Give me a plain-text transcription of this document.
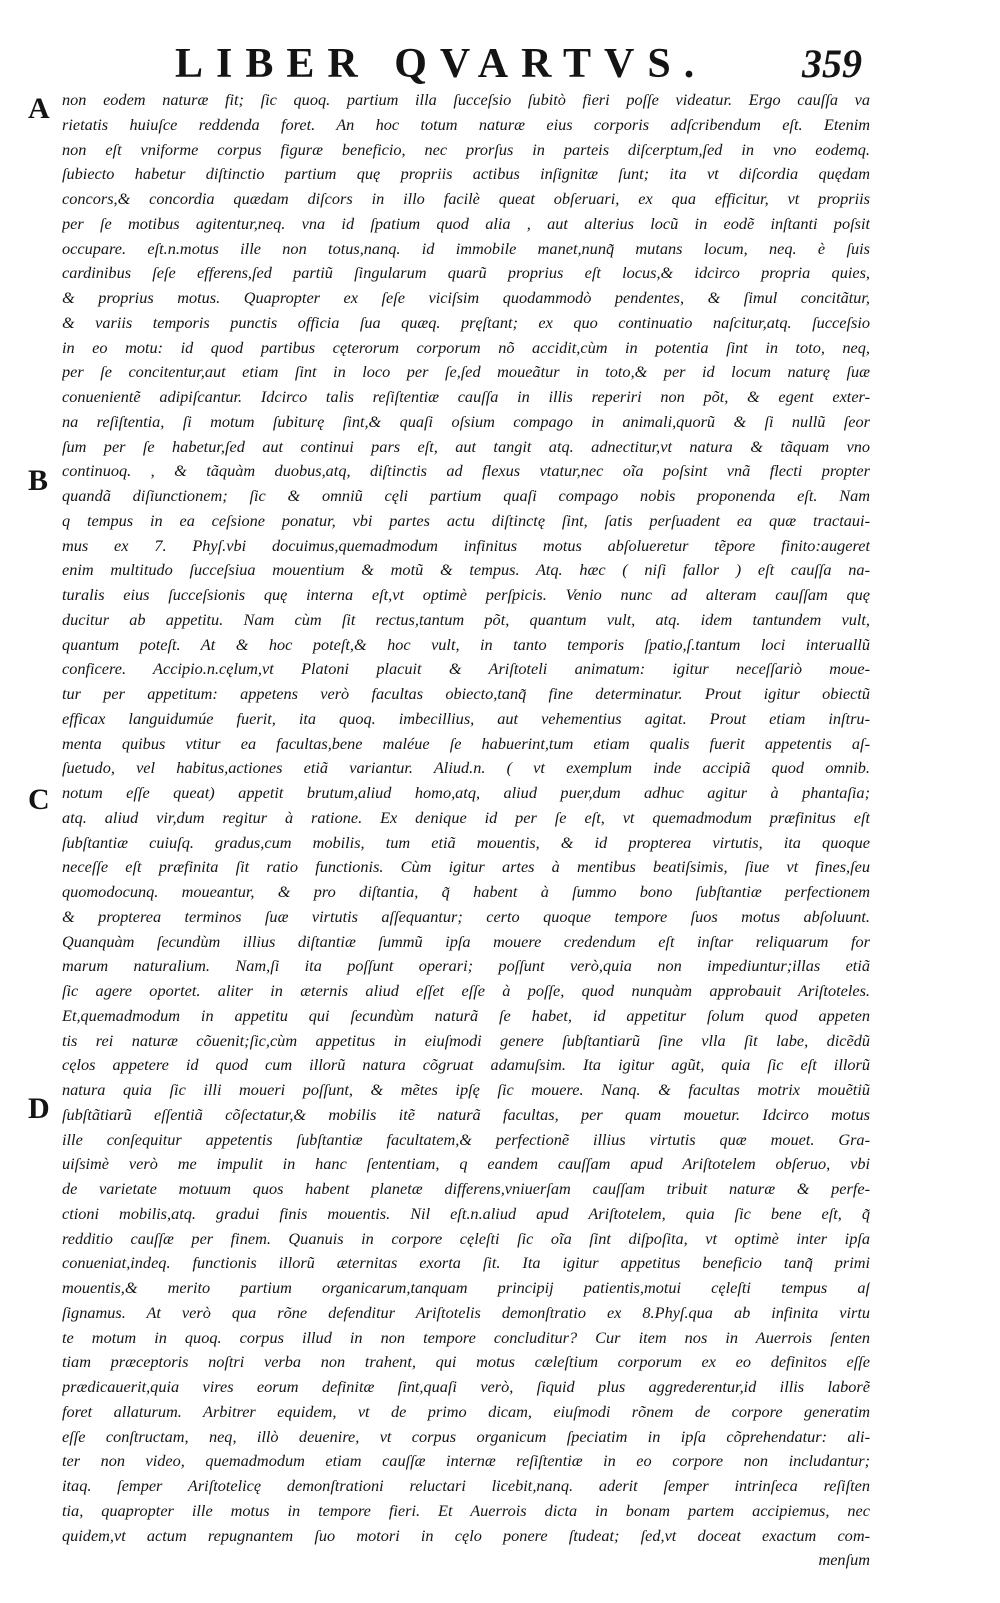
LIBER QVARTVS. 359
A
B
C
D
non eodem naturæ fit; ſic quoq. partium illa ſucceſsio ſubitò fieri poſſe videatur. Ergo cauſſa va
rietatis huiuſce reddenda foret. An hoc totum naturæ eius corporis adſcribendum eſt. Etenim
non eſt vniforme corpus figuræ beneficio, nec prorſus in parteis diſcerptum,ſed in vno eodemq.
ſubiecto habetur diſtinctio partium quę propriis actibus inſignitæ ſunt; ita vt diſcordia quędam
concors,& concordia quædam diſcors in illo facilè queat obſeruari, ex qua efficitur, vt propriis
per ſe motibus agitentur,neq. vna id ſpatium quod alia , aut alterius locũ in eodẽ inſtanti poſsit
occupare. eſt.n.motus ille non totus,nanq. id immobile manet,nunq̃ mutans locum, neq. è ſuis
cardinibus ſeſe efferens,ſed partiũ ſingularum quarũ proprius eſt locus,& idcirco propria quies,
& proprius motus. Quapropter ex ſeſe viciſsim quodammodò pendentes, & ſimul concitãtur,
& variis temporis punctis officia ſua quæq. pręſtant; ex quo continuatio naſcitur,atq. ſucceſsio
in eo motu: id quod partibus cęterorum corporum nõ accidit,cùm in potentia ſint in toto, neq,
per ſe concitentur,aut etiam ſint in loco per ſe,ſed moueãtur in toto,& per id locum naturę ſuæ
conuenientẽ adipiſcantur. Idcirco talis reſiſtentiæ cauſſa in illis reperiri non põt, & egent exter-
na reſiſtentia, ſi motum ſubiturę ſint,& quaſi oſsium compago in animali,quorũ & ſi nullũ ſeor
ſum per ſe habetur,ſed aut continui pars eſt, aut tangit atq. adnectitur,vt natura & tãquam vno
continuoq. , & tãquàm duobus,atq, diſtinctis ad flexus vtatur,nec oĩa poſsint vnã flecti propter
quandã diſiunctionem; ſic & omniũ cęli partium quaſi compago nobis proponenda eſt. Nam
q tempus in ea ceſsione ponatur, vbi partes actu diſtinctę ſint, ſatis perſuadent ea quæ tractaui-
mus ex 7. Phyſ.vbi docuimus,quemadmodum infinitus motus abſolueretur tẽpore finito:augeret
enim multitudo ſucceſsiua mouentium & motũ & tempus. Atq. hæc ( niſi fallor ) eſt cauſſa na-
turalis eius ſucceſsionis quę interna eſt,vt optimè perſpicis. Venio nunc ad alteram cauſſam quę
ducitur ab appetitu. Nam cùm ſit rectus,tantum põt, quantum vult, atq. idem tantundem vult,
quantum poteſt. At & hoc poteſt,& hoc vult, in tanto temporis ſpatio,ſ.tantum loci interuallũ
conficere. Accipio.n.cęlum,vt Platoni placuit & Ariſtoteli animatum: igitur neceſſariò moue-
tur per appetitum: appetens verò facultas obiecto,tanq̃ fine determinatur. Prout igitur obiectũ
efficax languidumúe fuerit, ita quoq. imbecillius, aut vehementius agitat. Prout etiam inſtru-
menta quibus vtitur ea facultas,bene maléue ſe habuerint,tum etiam qualis fuerit appetentis aſ-
ſuetudo, vel habitus,actiones etiã variantur. Aliud.n. ( vt exemplum inde accipiã quod omnib.
notum eſſe queat) appetit brutum,aliud homo,atq, aliud puer,dum adhuc agitur à phantaſia;
atq. aliud vir,dum regitur à ratione. Ex denique id per ſe eſt, vt quemadmodum præfinitus eſt
ſubſtantiæ cuiuſq. gradus,cum mobilis, tum etiã mouentis, & id propterea virtutis, ita quoque
neceſſe eſt præfinita ſit ratio functionis. Cùm igitur artes à mentibus beatiſsimis, ſiue vt fines,ſeu
quomodocunq. moueantur, & pro diſtantia, q̃ habent à ſummo bono ſubſtantiæ perfectionem
& propterea terminos ſuæ virtutis aſſequantur; certo quoque tempore ſuos motus abſoluunt.
Quanquàm ſecundùm illius diſtantiæ ſummũ ipſa mouere credendum eſt inſtar reliquarum for
marum naturalium. Nam,ſi ita poſſunt operari; poſſunt verò,quia non impediuntur;illas etiã
ſic agere oportet. aliter in æternis aliud eſſet eſſe à poſſe, quod nunquàm approbauit Ariſtoteles.
Et,quemadmodum in appetitu qui ſecundùm naturã ſe habet, id appetitur ſolum quod appeten
tis rei naturæ cõuenit;ſic,cùm appetitus in eiuſmodi genere ſubſtantiarũ ſine vlla ſit labe, dicẽdũ
cęlos appetere id quod cum illorũ natura cõgruat adamuſsim. Ita igitur agũt, quia ſic eſt illorũ
natura quia ſic illi moueri poſſunt, & mẽtes ipſę ſic mouere. Nanq. & facultas motrix mouẽtiũ
ſubſtãtiarũ eſſentiã cõſectatur,& mobilis itẽ naturã facultas, per quam mouetur. Idcirco motus
ille conſequitur appetentis ſubſtantiæ facultatem,& perfectionẽ illius virtutis quæ mouet. Gra-
uiſsimè verò me impulit in hanc ſententiam, q eandem cauſſam apud Ariſtotelem obſeruo, vbi
de varietate motuum quos habent planetæ differens,vniuerſam cauſſam tribuit naturæ & perfe-
ctioni mobilis,atq. gradui finis mouentis. Nil eſt.n.aliud apud Ariſtotelem, quia ſic bene eſt, q̃
redditio cauſſæ per finem. Quanuis in corpore cęleſti ſic oĩa ſint diſpoſita, vt optimè inter ipſa
conueniat,indeq. functionis illorũ æternitas exorta ſit. Ita igitur appetitus beneficio tanq̃ primi
mouentis,& merito partium organicarum,tanquam principij patientis,motui cęleſti tempus aſ
ſignamus. At verò qua rõne defenditur Ariſtotelis demonſtratio ex 8.Phyſ.qua ab infinita virtu
te motum in quoq. corpus illud in non tempore concluditur? Cur item nos in Auerrois ſenten
tiam præceptoris noſtri verba non trahent, qui motus cæleſtium corporum ex eo definitos eſſe
prædicauerit,quia vires eorum definitæ ſint,quaſi verò, ſiquid plus aggrederentur,id illis laborẽ
foret allaturum. Arbitrer equidem, vt de primo dicam, eiuſmodi rõnem de corpore generatim
eſſe conſtructam, neq, illò deuenire, vt corpus organicum ſpeciatim in ipſa cõprehendatur: ali-
ter non video, quemadmodum etiam cauſſæ internæ reſiſtentiæ in eo corpore non includantur;
itaq. ſemper Ariſtotelicę demonſtrationi reluctari licebit,nanq. aderit ſemper intrinſeca reſiſten
tia, quapropter ille motus in tempore fieri. Et Auerrois dicta in bonam partem accipiemus, nec
quidem,vt actum repugnantem ſuo motori in cęlo ponere ſtudeat; ſed,vt doceat exactum com-
menſum
